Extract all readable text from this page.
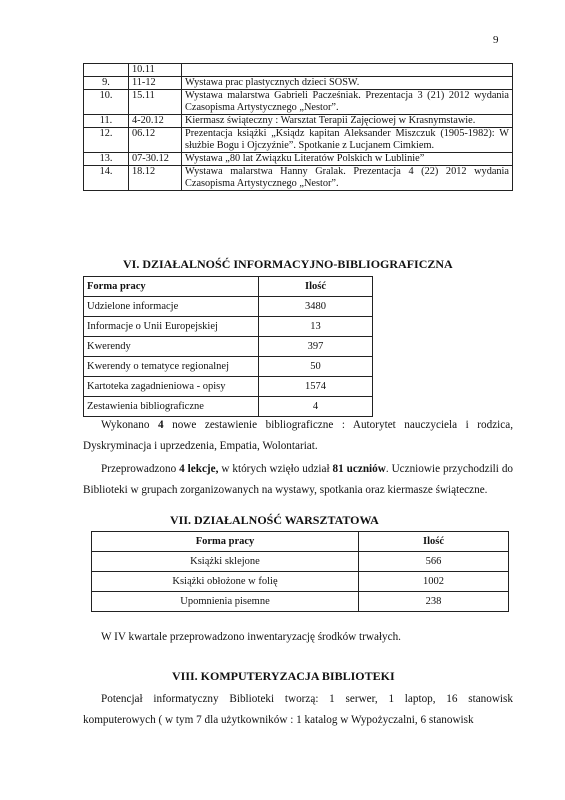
9
	10.11	
9.	11-12	Wystawa prac plastycznych dzieci SOSW.
10.	15.11	Wystawa malarstwa Gabrieli Pacześniak. Prezentacja 3 (21) 2012 wydania Czasopisma Artystycznego „Nestor”.
11.	4-20.12	Kiermasz świąteczny : Warsztat Terapii Zajęciowej w Krasnymstawie.
12.	06.12	Prezentacja książki „Ksiądz kapitan Aleksander Miszczuk (1905-1982): W służbie Bogu i Ojczyźnie”. Spotkanie z Lucjanem Cimkiem.
13.	07-30.12	Wystawa „80 lat Związku Literatów Polskich w Lublinie”
14.	18.12	Wystawa malarstwa Hanny Gralak. Prezentacja 4 (22) 2012 wydania Czasopisma Artystycznego „Nestor”.
VI. DZIAŁALNOŚĆ INFORMACYJNO-BIBLIOGRAFICZNA
Forma pracy	Ilość
Udzielone informacje	3480
Informacje o Unii Europejskiej	13
Kwerendy	397
Kwerendy o tematyce regionalnej	50
Kartoteka zagadnieniowa - opisy	1574
Zestawienia bibliograficzne	4
Wykonano 4 nowe zestawienie bibliograficzne : Autorytet nauczyciela i rodzica, Dyskryminacja i uprzedzenia, Empatia, Wolontariat.
Przeprowadzono 4 lekcje, w których wzięło udział 81 uczniów. Uczniowie przychodzili do Biblioteki w grupach zorganizowanych na wystawy, spotkania oraz kiermasze świąteczne.
VII. DZIAŁALNOŚĆ WARSZTATOWA
Forma pracy	Ilość
Książki sklejone	566
Książki obłożone w folię	1002
Upomnienia pisemne	238
W IV kwartale przeprowadzono inwentaryzację środków trwałych.
VIII. KOMPUTERYZACJA BIBLIOTEKI
Potencjał informatyczny Biblioteki tworzą: 1 serwer, 1 laptop, 16 stanowisk komputerowych ( w tym 7 dla użytkowników : 1 katalog w Wypożyczalni, 6 stanowisk
